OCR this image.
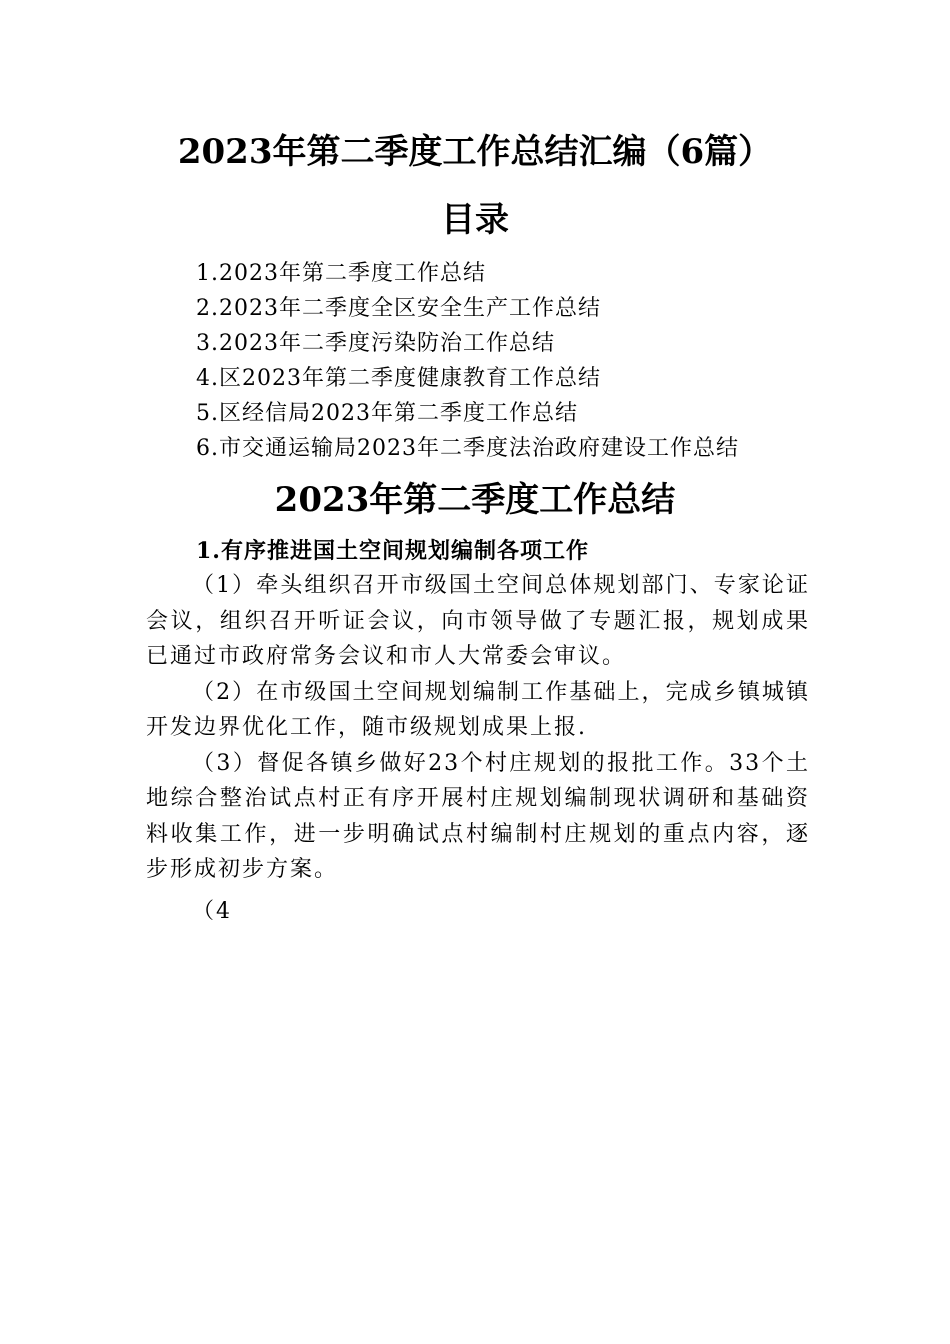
2023年第二季度工作总结汇编（6篇）
目录
1.2023年第二季度工作总结
2.2023年二季度全区安全生产工作总结
3.2023年二季度污染防治工作总结
4.区2023年第二季度健康教育工作总结
5.区经信局2023年第二季度工作总结
6.市交通运输局2023年二季度法治政府建设工作总结
2023年第二季度工作总结
1.有序推进国土空间规划编制各项工作

（1）牵头组织召开市级国土空间总体规划部门、专家论证会议，组织召开听证会议，向市领导做了专题汇报，规划成果已通过市政府常务会议和市人大常委会审议。

（2）在市级国土空间规划编制工作基础上，完成乡镇城镇开发边界优化工作，随市级规划成果上报.

（3）督促各镇乡做好23个村庄规划的报批工作。33个土地综合整治试点村正有序开展村庄规划编制现状调研和基础资料收集工作，进一步明确试点村编制村庄规划的重点内容，逐步形成初步方案。

（4
